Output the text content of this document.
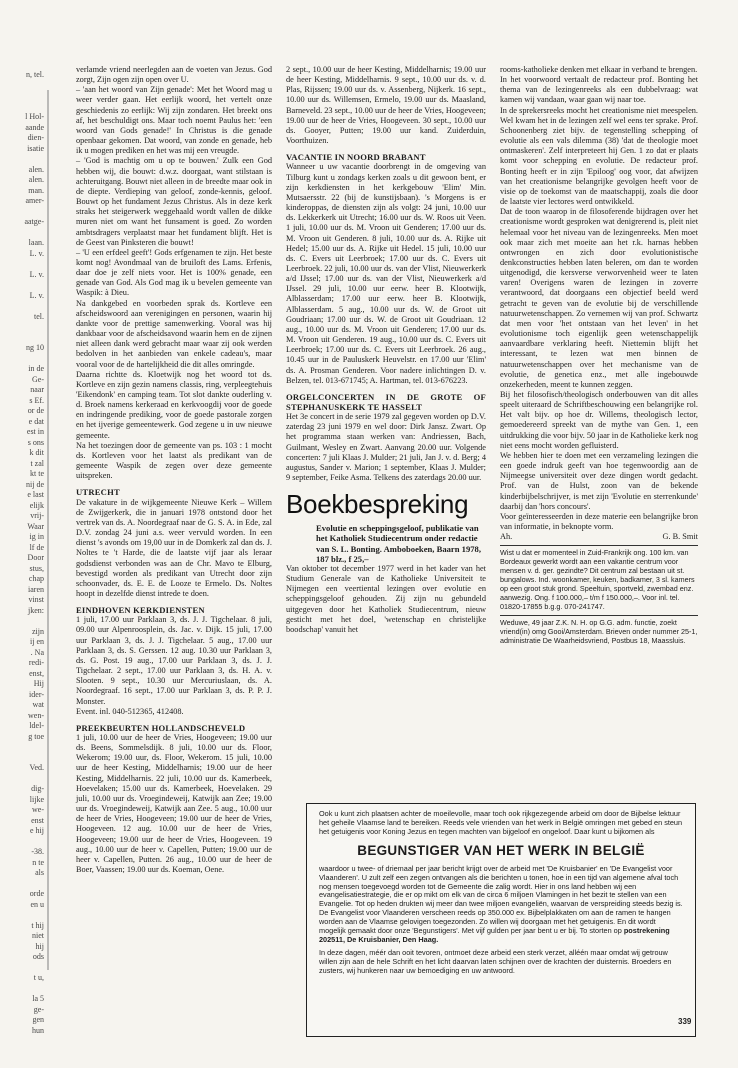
n, tel.

l Hol-
aande
dien-
isatie

alen.
alen.
man.
amer-

aatge-

laan.
L. v.

L. v.

L. v.

tel.

ng 10

in de
Ge-
naar
s Ef.
or de
e dat
est in
s ons
k dit
t zal
kt te
nij de
e last
elijk
vrij-
Waar
ig in
lf de
Door
stus,
chap
iaren
vinst
jken:

zijn
ij en
. Na
redi-
enst,
Hij
ider-
wat
wen-
ldel-
g toe

Ved.

dig-
lijke
we-
enst
e hij

-38.
n te
als

orde
en u

t hij
niet
hij
ods

t u,

la 5
ge-
gen
hun

verlamde vriend neerlegden aan de voeten van Jezus. God zorgt, Zijn ogen zijn open over U.

– 'aan het woord van Zijn genade': Met het Woord mag u weer verder gaan. Het eerlijk woord, het vertelt onze geschiedenis zo eerlijk: Wij zijn zondaren. Het breekt ons af, het beschuldigt ons. Maar toch noemt Paulus het: 'een woord van Gods genade!' In Christus is die genade openbaar gekomen. Dat woord, van zonde en genade, heb ik u mogen prediken en het was mij een vreugde.

– 'God is machtig om u op te bouwen.' Zulk een God hebben wij, die bouwt: d.w.z. doorgaat, want stilstaan is achteruitgang. Bouwt niet alleen in de breedte maar ook in de diepte. Verdieping van geloof, zonde-kennis, geloof. Bouwt op het fundament Jezus Christus. Als in deze kerk straks het steigerwerk weggehaald wordt vallen de dikke muren niet om want het funsament is goed. Zo worden ambtsdragers verplaatst maar het fundament blijft. Het is de Geest van Pinksteren die bouwt!

– 'U een erfdeel geeft'! Gods erfgenamen te zijn. Het beste komt nog! Avondmaal van de bruiloft des Lams. Erfenis, daar doe je zelf niets voor. Het is 100% genade, een genade van God. Als God mag ik u bevelen gemeente van Waspik: à Dieu.

Na dankgebed en voorbeden sprak ds. Kortleve een afscheidswoord aan verenigingen en personen, waarin hij dankte voor de prettige samenwerking. Vooral was hij dankbaar voor de afscheidsavond waarin hem en de zijnen niet alleen dank werd gebracht maar waar zij ook werden bedolven in het aanbieden van enkele cadeau's, maar vooral voor de de hartelijkheid die dit alles omringde.

Daarna richtte ds. Kloetwijk nog het woord tot ds. Kortleve en zijn gezin namens classis, ring, verpleegtehuis 'Eikendonk' en camping team. Tot slot dankte ouderling v. d. Broek namens kerkeraad en kerkvoogdij voor de goede en indringende prediking, voor de goede pastorale zorgen en het ijverige gemeentewerk. God zegene u in uw nieuwe gemeente.

Na het toezingen door de gemeente van ps. 103 : 1 mocht ds. Kortleven voor het laatst als predikant van de gemeente Waspik de zegen over deze gemeente uitspreken.

UTRECHT

De vakature in de wijkgemeente Nieuwe Kerk – Willem de Zwijgerkerk, die in januari 1978 ontstond door het vertrek van ds. A. Noordegraaf naar de G. S. A. in Ede, zal D.V. zondag 24 juni a.s. weer vervuld worden. In een dienst 's avonds om 19,00 uur in de Domkerk zal dan ds. J. Noltes te 't Harde, die de laatste vijf jaar als leraar godsdienst verbonden was aan de Chr. Mavo te Elburg, bevestigd worden als predikant van Utrecht door zijn schoonvader, ds. E. E. de Looze te Ermelo. Ds. Noltes hoopt in dezelfde dienst intrede te doen.

EINDHOVEN KERKDIENSTEN

1 juli, 17.00 uur Parklaan 3, ds. J. J. Tigchelaar. 8 juli, 09.00 uur Alpenroosplein, ds. Jac. v. Dijk. 15 juli, 17.00 uur Parklaan 3, ds. J. J. Tigchelaar. 5 aug., 17.00 uur Parklaan 3, ds. S. Gerssen. 12 aug. 10.30 uur Parklaan 3, ds. G. Post. 19 aug., 17.00 uur Parklaan 3, ds. J. J. Tigchelaar. 2 sept., 17.00 uur Parklaan 3, ds. H. A. v. Slooten. 9 sept., 10.30 uur Mercuriuslaan, ds. A. Noordegraaf. 16 sept., 17.00 uur Parklaan 3, ds. P. P. J. Monster.

Event. inl. 040-512365, 412408.

PREEKBEURTEN HOLLANDSCHEVELD

1 juli, 10.00 uur de heer de Vries, Hoogeveen; 19.00 uur ds. Beens, Sommelsdijk. 8 juli, 10.00 uur ds. Floor, Wekerom; 19.00 uur, ds. Floor, Wekerom. 15 juli, 10.00 uur de heer Kesting, Middelharnis; 19.00 uur de heer Kesting, Middelharnis. 22 juli, 10.00 uur ds. Kamerbeek, Hoevelaken; 15.00 uur ds. Kamerbeek, Hoevelaken. 29 juli, 10.00 uur ds. Vroegindeweij, Katwijk aan Zee; 19.00 uur ds. Vroegindeweij, Katwijk aan Zee. 5 aug., 10.00 uur de heer de Vries, Hoogeveen; 19.00 uur de heer de Vries, Hoogeveen. 12 aug. 10.00 uur de heer de Vries, Hoogeveen; 19.00 uur de heer de Vries, Hoogeveen. 19 aug., 10.00 uur de heer v. Capellen, Putten; 19.00 uur de heer v. Capellen, Putten. 26 aug., 10.00 uur de heer de Boer, Vaassen; 19.00 uur ds. Koeman, Oene.

2 sept., 10.00 uur de heer Kesting, Middelharnis; 19.00 uur de heer Kesting, Middelharnis. 9 sept., 10.00 uur ds. v. d. Plas, Rijssen; 19.00 uur ds. v. Assenberg, Nijkerk. 16 sept., 10.00 uur ds. Willemsen, Ermelo, 19.00 uur ds. Maasland, Barneveld. 23 sept., 10.00 uur de heer de Vries, Hoogeveen; 19.00 uur de heer de Vries, Hoogeveen. 30 sept., 10.00 uur ds. Gooyer, Putten; 19.00 uur kand. Zuiderduin, Voorthuizen.

VACANTIE IN NOORD BRABANT

Wanneer u uw vacantie doorbrengt in de omgeving van Tilburg kunt u zondags kerken zoals u dit gewoon bent, er zijn kerkdiensten in het kerkgebouw 'Elim' Min. Mutsaersstr. 22 (bij de kunstijsbaan). 's Morgens is er kinderoppas, de diensten zijn als volgt: 24 juni, 10.00 uur ds. Lekkerkerk uit Utrecht; 16.00 uur ds. W. Roos uit Veen. 1 juli, 10.00 uur ds. M. Vroon uit Genderen; 17.00 uur ds. M. Vroon uit Genderen. 8 juli, 10.00 uur ds. A. Rijke uit Hedel; 15.00 uur ds. A. Rijke uit Hedel. 15 juli, 10.00 uur ds. C. Evers uit Leerbroek; 17.00 uur ds. C. Evers uit Leerbroek. 22 juli, 10.00 uur ds. van der Vlist, Nieuwerkerk a/d IJssel; 17.00 uur ds. van der Vlist, Nieuwerkerk a/d IJssel. 29 juli, 10.00 uur eerw. heer B. Klootwijk, Alblasserdam; 17.00 uur eerw. heer B. Klootwijk, Alblasserdam. 5 aug., 10.00 uur ds. W. de Groot uit Goudriaan; 17.00 uur ds. W. de Groot uit Goudriaan. 12 aug., 10.00 uur ds. M. Vroon uit Genderen; 17.00 uur ds. M. Vroon uit Genderen. 19 aug., 10.00 uur ds. C. Evers uit Leerbroek; 17.00 uur ds. C. Evers uit Leerbroek. 26 aug., 10.45 uur in de Pauluskerk Heuvelstr. en 17.00 uur 'Elim' ds. A. Prosman Genderen. Voor nadere inlichtingen D. v. Belzen, tel. 013-671745; A. Hartman, tel. 013-676223.

ORGELCONCERTEN IN DE GROTE OF STEPHANUSKERK TE HASSELT

Het 3e concert in de serie 1979 zal gegeven worden op D.V. zaterdag 23 juni 1979 en wel door: Dirk Jansz. Zwart. Op het programma staan werken van: Andriessen, Bach, Guilmant, Wesley en Zwart. Aanvang 20.00 uur. Volgende concerten: 7 juli Klaas J. Mulder; 21 juli, Jan J. v. d. Berg; 4 augustus, Sander v. Marion; 1 september, Klaas J. Mulder; 9 september, Feike Asma. Telkens des zaterdags 20.00 uur.

Boekbespreking

Evolutie en scheppingsgeloof, publikatie van het Katholiek Studiecentrum onder redactie van S. L. Bonting. Amboboeken, Baarn 1978, 187 blz., f 25,–

Van oktober tot december 1977 werd in het kader van het Studium Generale van de Katholieke Universiteit te Nijmegen een veertiental lezingen over evolutie en scheppingsgeloof gehouden. Zij zijn nu gebundeld uitgegeven door het Katholiek Studiecentrum, nieuw gesticht met het doel, 'wetenschap en christelijke boodschap' vanuit het

rooms-katholieke denken met elkaar in verband te brengen.

In het voorwoord vertaalt de redacteur prof. Bonting het thema van de lezingenreeks als een dubbelvraag: wat kamen wij vandaan, waar gaan wij naar toe.

In de sprekersreeks mocht het creationisme niet meespelen. Wel kwam het in de lezingen zelf wel eens ter sprake. Prof. Schoonenberg ziet bijv. de tegenstelling schepping of evolutie als een vals dilemma (38) 'dat de theologie moet ontmaskeren'. Zelf interpreteert hij Gen. 1 zo dat er plaats komt voor schepping en evolutie. De redacteur prof. Bonting heeft er in zijn 'Epiloog' oog voor, dat afwijzen van het creationisme belangrijke gevolgen heeft voor de visie op de toekomst van de maatschappij, zoals die door de laatste vier lectores werd ontwikkeld.

Dat de toon waarop in de filosoferende bijdragen over het creationisme wordt gesproken wat denigrerend is, pleit niet helemaal voor het niveau van de lezingenreeks. Men moet ook maar zich met moeite aan het r.k. harnas hebben ontwrongen en zich door evolutionistische denkconstructies hebben laten beleren, om dan te worden uitgenodigd, die kersverse verworvenheid weer te laten varen! Overigens waren de lezingen in zoverre verantwoord, dat doorgaans een objectief beeld werd getracht te geven van de evolutie bij de verschillende natuurwetenschappen. Zo vernemen wij van prof. Schwartz dat men voor 'het ontstaan van het leven' in het evolutionisme toch eigenlijk geen wetenschappelijk aanvaardbare verklaring heeft. Niettemin blijft het interessant, te lezen wat men binnen de natuurwetenschappen over het mechanisme van de evolutie, de genetica enz., met alle ingebouwde onzekerheden, meent te kunnen zeggen.

Bij het filosofisch/theologisch onderbouwen van dit alles speelt uiteraard de Schriftbeschouwing een belangrijke rol. Het valt bijv. op hoe dr. Willems, theologisch lector, gemoedereerd spreekt van de mythe van Gen. 1, een uitdrukking die voor bijv. 50 jaar in de Katholieke kerk nog niet eens mocht worden gefluisterd.

We hebben hier te doen met een verzameling lezingen die een goede indruk geeft van hoe tegenwoordig aan de Nijmeegse universiteit over deze dingen wordt gedacht. Prof. van de Hulst, zoon van de bekende kinderbijbelschrijver, is met zijn 'Evolutie en sterrenkunde' daarbij dan 'hors concours'.

Voor geïnteresseerden in deze materie een belangrijke bron van informatie, in beknopte vorm.

Ah.	G. B. Smit

Wist u dat er momenteel in Zuid-Frankrijk ong. 100 km. van Bordeaux gewerkt wordt aan een vakantie centrum voor mensen v. d. ger. gezindte? Dit centrum zal bestaan uit st. bungalows. Ind. woonkamer, keuken, badkamer, 3 sl. kamers op een groot stuk grond. Speeltuin, sportveld, zwembad enz. aanwezig. Ong. f 100.000,– t/m f 150.000,–. Voor inl. tel. 01820-17855 b.g.g. 070-241747.

Weduwe, 49 jaar Z.K. N. H. op G.G. adm. functie, zoekt vriend(in) omg Gooi/Amsterdam. Brieven onder nummer 25-1, administratie De Waarheidsvriend, Postbus 18, Maassluis.

Ook u kunt zich plaatsen achter de moeilevolle, maar toch ook rijkgezegende arbeid om door de Bijbelse lektuur het geheile Vlaamse land te bereiken. Reeds vele vrienden van het werk in België omringen met gebed en steun het getuigenis voor Koning Jezus en tegen machten van bijgeloof en ongeloof. Daar kunt u bijkomen als

BEGUNSTIGER VAN HET WERK IN BELGIË

waardoor u twee- of driemaal per jaar bericht krijgt over de arbeid met 'De Kruisbanier' en 'De Evangelist voor Vlaanderen'. U zult zelf een zegen ontvangen als die berichten u tonen, hoe in een tijd van algemene afval toch nog mensen toegevoegd worden tot de Gemeente die zalig wordt. Hier in ons land hebben wij een evangelisatiestrategie, die er op mikt om elk van de circa 6 miljoen Vlamingen in het bezit te stellen van een Evangelie. Tot op heden drukten wij meer dan twee miljoen evangeliën, waarvan de verspreiding steeds bezig is. De Evangelist voor Vlaanderen verscheen reeds op 350.000 ex. Bijbelplakkaten om aan de ramen te hangen worden aan de Vlaamse gelovigen toegezonden. Zo willen wij doorgaan met het getuigenis. En dit wordt mogelijk gemaakt door onze 'Begunstigers'. Met vijf gulden per jaar bent u er bij. To storten op postrekening 202511, De Kruisbanier, Den Haag.

In deze dagen, méér dan ooit tevoren, ontmoet deze arbeid een sterk verzet, alléén maar omdat wij getrouw willen zijn aan de hele Schrift en het licht daarvan laten schijnen over de krachten der duisternis. Broeders en zusters, wij hunkeren naar uw bemoediging en uw antwoord.

339
